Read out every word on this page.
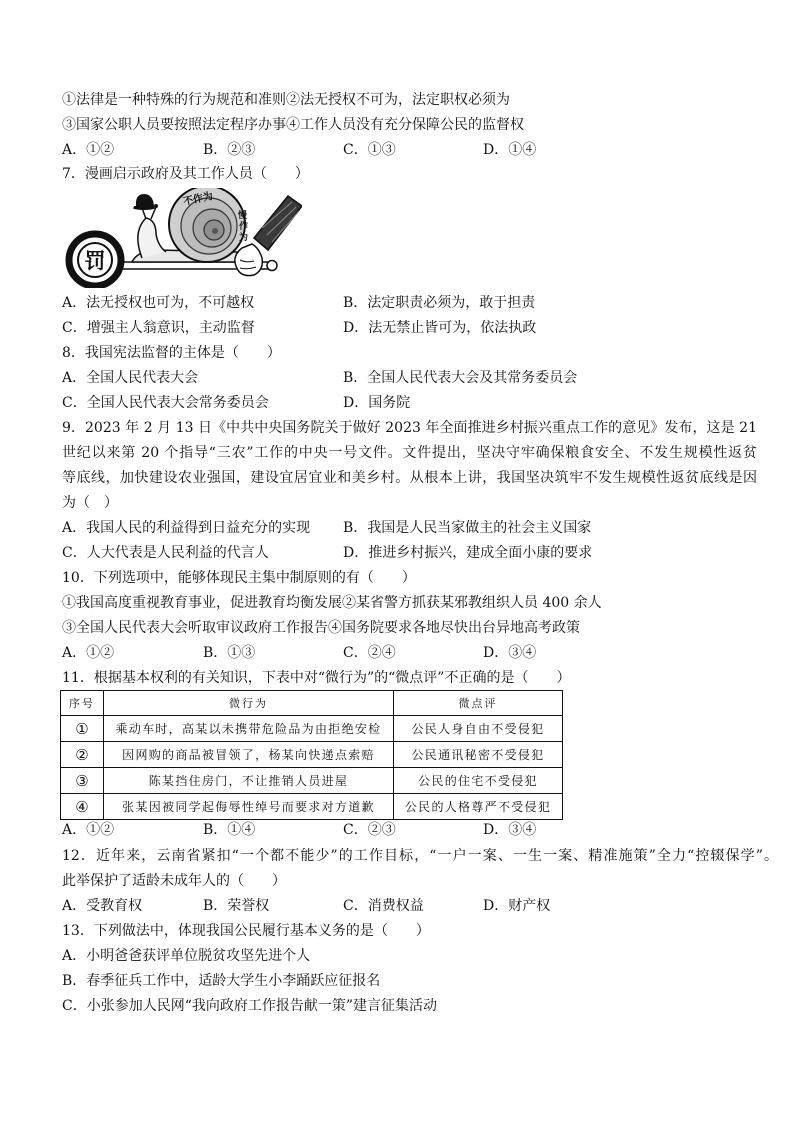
①法律是一种特殊的行为规范和准则②法无授权不可为，法定职权必须为
③国家公职人员要按照法定程序办事④工作人员没有充分保障公民的监督权
A．①②	B．②③	C．①③	D．①④
7．漫画启示政府及其工作人员（　　）
罚
不作为
慢
作
为
A．法无授权也可为，不可越权	B．法定职责必须为，敢于担责
C．增强主人翁意识，主动监督	D．法无禁止皆可为，依法执政
8．我国宪法监督的主体是（　　）
A．全国人民代表大会	B．全国人民代表大会及其常务委员会
C．全国人民代表大会常务委员会	D．国务院
9．2023 年 2 月 13 日《中共中央国务院关于做好 2023 年全面推进乡村振兴重点工作的意见》发布，这是 21
世纪以来第 20 个指导“三农”工作的中央一号文件。文件提出，坚决守牢确保粮食安全、不发生规模性返贫
等底线，加快建设农业强国，建设宜居宜业和美乡村。从根本上讲，我国坚决筑牢不发生规模性返贫底线是因
为（　）
A．我国人民的利益得到日益充分的实现 B．我国是人民当家做主的社会主义国家
C．人大代表是人民利益的代言人	D．推进乡村振兴，建成全面小康的要求
10．下列选项中，能够体现民主集中制原则的有（　　）
①我国高度重视教育事业，促进教育均衡发展②某省警方抓获某邪教组织人员 400 余人
③全国人民代表大会听取审议政府工作报告④国务院要求各地尽快出台异地高考政策
A．①②	B．①③	C．②④	D．③④
11．根据基本权利的有关知识，下表中对“微行为”的“微点评”不正确的是（　　）
序号	微行为	微点评
①	乘动车时，高某以未携带危险品为由拒绝安检	公民人身自由不受侵犯
②	因网购的商品被冒领了，杨某向快递点索赔	公民通讯秘密不受侵犯
③	陈某挡住房门，不让推销人员进屋	公民的住宅不受侵犯
④	张某因被同学起侮辱性绰号而要求对方道歉	公民的人格尊严不受侵犯
A．①②	B．①④	C．②③	D．③④
12．近年来，云南省紧扣“一个都不能少”的工作目标，“一户一案、一生一案、精准施策”全力“控辍保学”。
此举保护了适龄未成年人的（　　）
A．受教育权	B．荣誉权	C．消费权益	D．财产权
13．下列做法中，体现我国公民履行基本义务的是（　　）
A．小明爸爸获评单位脱贫攻坚先进个人
B．春季征兵工作中，适龄大学生小李踊跃应征报名
C．小张参加人民网“我向政府工作报告献一策”建言征集活动
